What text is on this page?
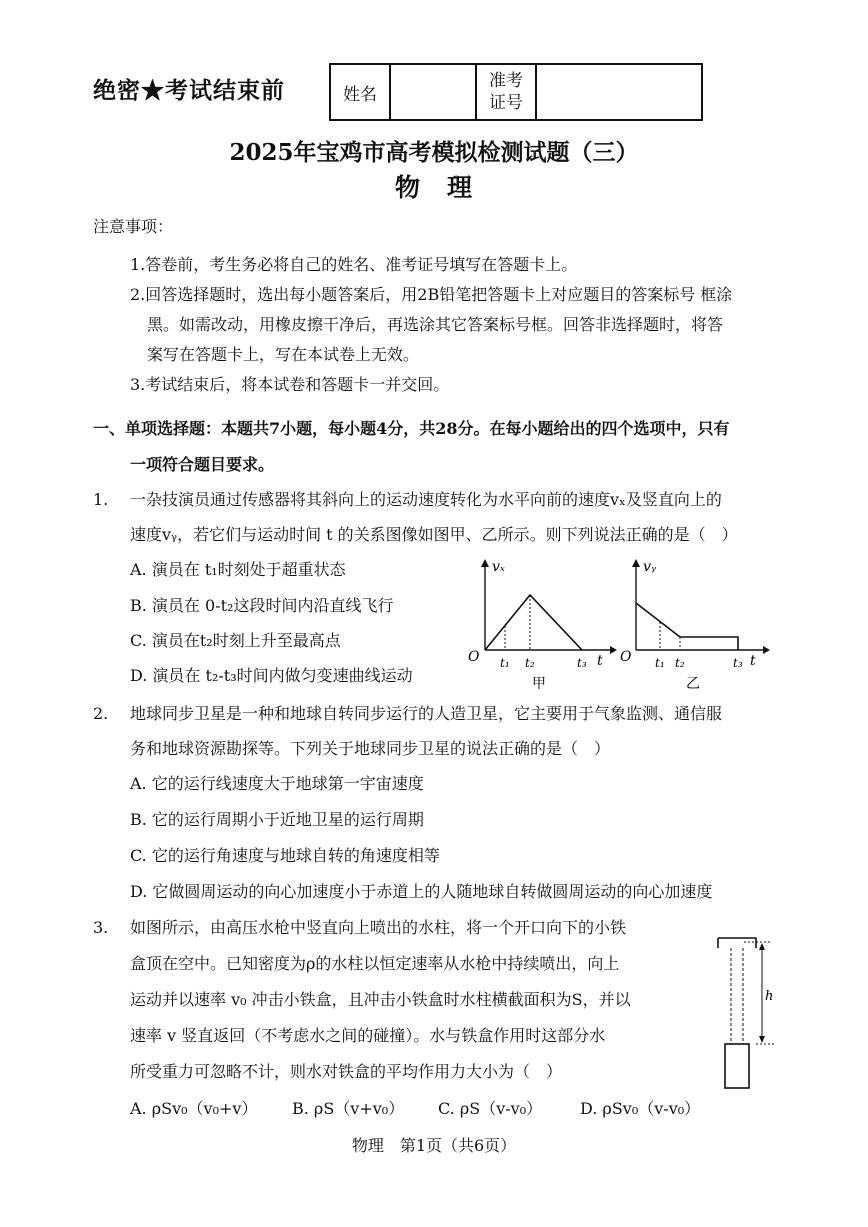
绝密★考试结束前	姓名		
准考
证号

2025年宝鸡市高考模拟检测试题（三）
物　理
注意事项：
1.答卷前，考生务必将自己的姓名、准考证号填写在答题卡上。
2.回答选择题时，选出每小题答案后，用2B铅笔把答题卡上对应题目的答案标号 框涂
黑。如需改动，用橡皮擦干净后，再选涂其它答案标号框。回答非选择题时，将答
案写在答题卡上，写在本试卷上无效。
3.考试结束后，将本试卷和答题卡一并交回。
一、单项选择题：本题共7小题，每小题4分，共28分。在每小题给出的四个选项中，只有
一项符合题目要求。
1. 一杂技演员通过传感器将其斜向上的运动速度转化为水平向前的速度vₓ及竖直向上的
速度vᵧ，若它们与运动时间 t 的关系图像如图甲、乙所示。则下列说法正确的是（　）
A. 演员在 t₁时刻处于超重状态
B. 演员在 0-t₂这段时间内沿直线飞行
C. 演员在t₂时刻上升至最高点
D. 演员在 t₂-t₃时间内做匀变速曲线运动
vₓ
O t₁ t₂	t₃ t
甲
vᵧ
O t₁ t₂	t₃ t
乙
2. 地球同步卫星是一种和地球自转同步运行的人造卫星，它主要用于气象监测、通信服
务和地球资源勘探等。下列关于地球同步卫星的说法正确的是（　）
A. 它的运行线速度大于地球第一宇宙速度
B. 它的运行周期小于近地卫星的运行周期
C. 它的运行角速度与地球自转的角速度相等
D. 它做圆周运动的向心加速度小于赤道上的人随地球自转做圆周运动的向心加速度
3. 如图所示，由高压水枪中竖直向上喷出的水柱，将一个开口向下的小铁
盒顶在空中。已知密度为ρ的水柱以恒定速率从水枪中持续喷出，向上
运动并以速率 v₀ 冲击小铁盒，且冲击小铁盒时水柱横截面积为S，并以
速率 v 竖直返回（不考虑水之间的碰撞）。水与铁盒作用时这部分水
所受重力可忽略不计，则水对铁盒的平均作用力大小为（　）
A. ρSv₀（v₀+v） B. ρS（v+v₀） C. ρS（v-v₀） D. ρSv₀（v-v₀）
h
物理　第1页（共6页）
